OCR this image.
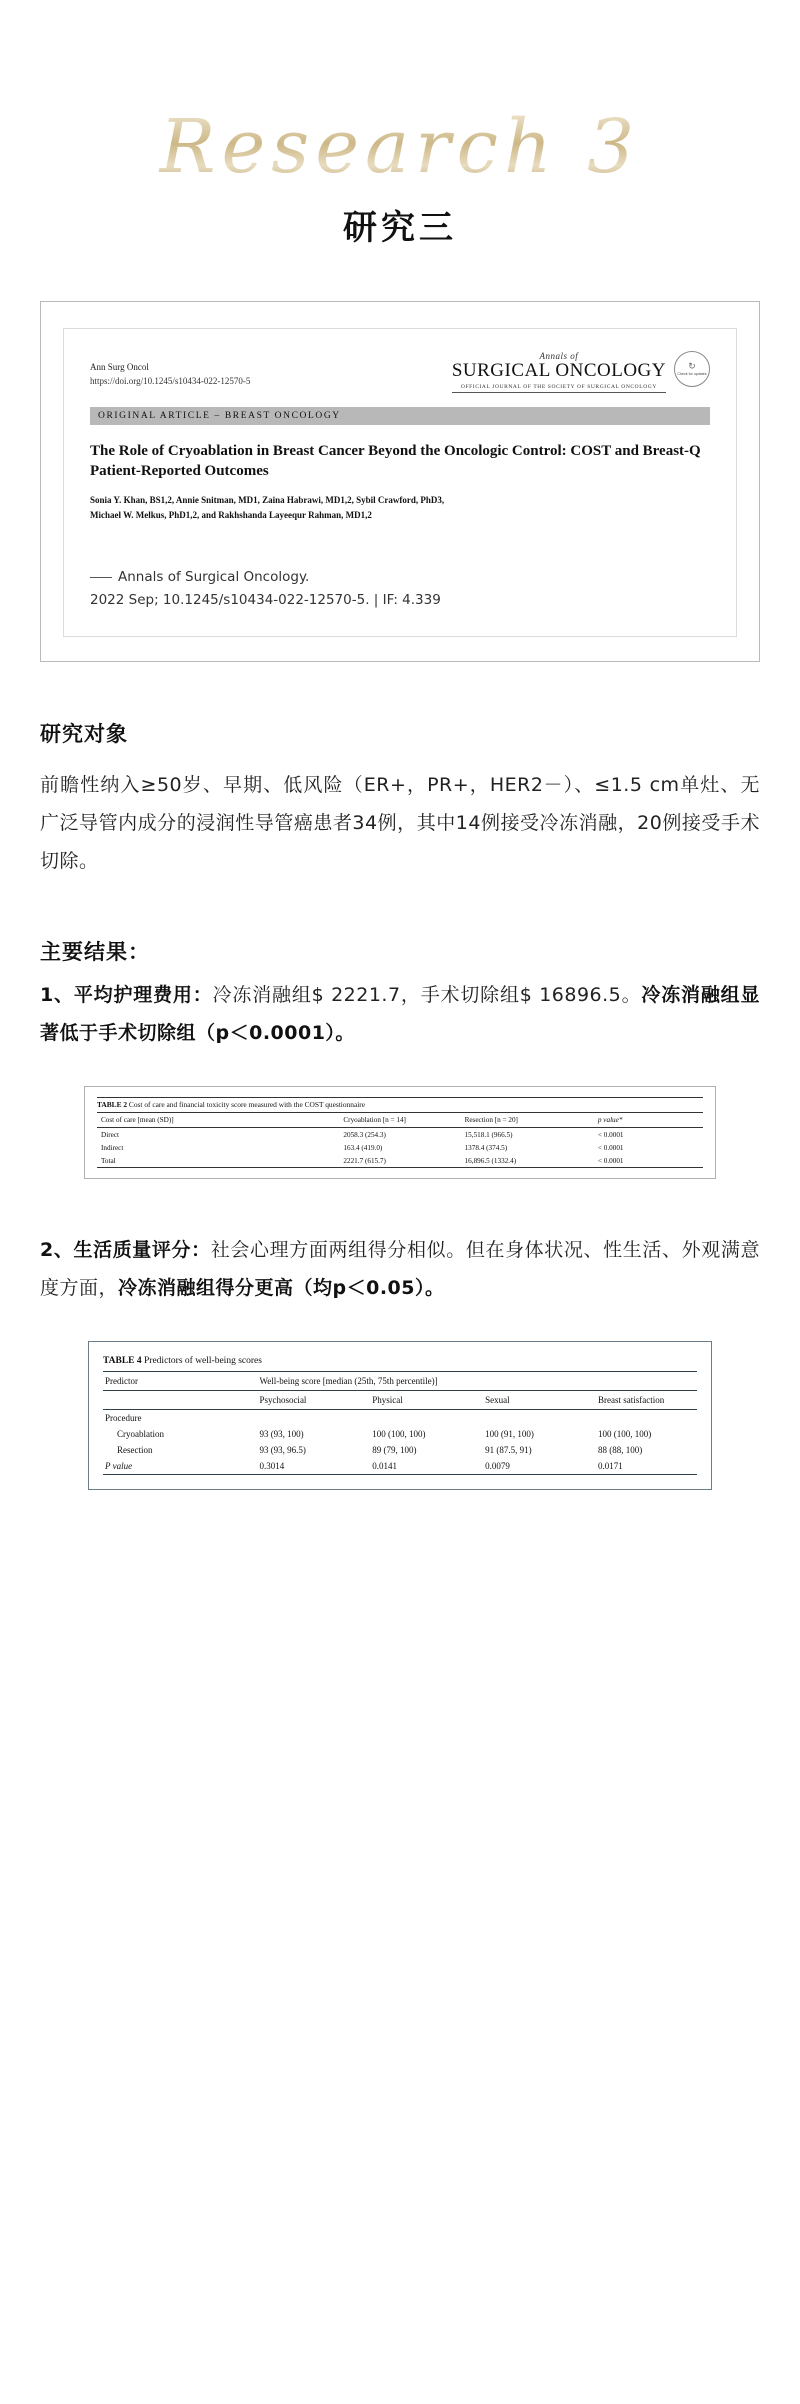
Research 3
研究三
Ann Surg Oncol
https://doi.org/10.1245/s10434-022-12570-5
Annals of
SURGICAL ONCOLOGY
OFFICIAL JOURNAL OF THE SOCIETY OF SURGICAL ONCOLOGY
↻
Check for updates
ORIGINAL ARTICLE – BREAST ONCOLOGY
The Role of Cryoablation in Breast Cancer Beyond the Oncologic Control: COST and Breast-Q Patient-Reported Outcomes
Sonia Y. Khan, BS1,2, Annie Snitman, MD1, Zaina Habrawi, MD1,2, Sybil Crawford, PhD3,
Michael W. Melkus, PhD1,2, and Rakhshanda Layeequr Rahman, MD1,2
Annals of Surgical Oncology.
2022 Sep; 10.1245/s10434-022-12570-5. | IF: 4.339
研究对象
前瞻性纳入≥50岁、早期、低风险（ER+，PR+，HER2－）、≤1.5 cm单灶、无广泛导管内成分的浸润性导管癌患者34例，其中14例接受冷冻消融，20例接受手术切除。
主要结果：
1、平均护理费用：冷冻消融组$ 2221.7，手术切除组$ 16896.5。冷冻消融组显著低于手术切除组（p＜0.0001）。
TABLE 2 Cost of care and financial toxicity score measured with the COST questionnaire
Cost of care [mean (SD)]	Cryoablation [n = 14]	Resection [n = 20]	p value*
Direct	2058.3 (254.3)	15,518.1 (966.5)	< 0.0001
Indirect	163.4 (419.0)	1378.4 (374.5)	< 0.0001
Total	2221.7 (615.7)	16,896.5 (1332.4)	< 0.0001
2、生活质量评分：社会心理方面两组得分相似。但在身体状况、性生活、外观满意度方面，冷冻消融组得分更高（均p＜0.05）。
TABLE 4 Predictors of well-being scores
Predictor	Well-being score [median (25th, 75th percentile)]			
	Psychosocial	Physical	Sexual	Breast satisfaction
Procedure				
Cryoablation	93 (93, 100)	100 (100, 100)	100 (91, 100)	100 (100, 100)
Resection	93 (93, 96.5)	89 (79, 100)	91 (87.5, 91)	88 (88, 100)
P value	0.3014	0.0141	0.0079	0.0171
